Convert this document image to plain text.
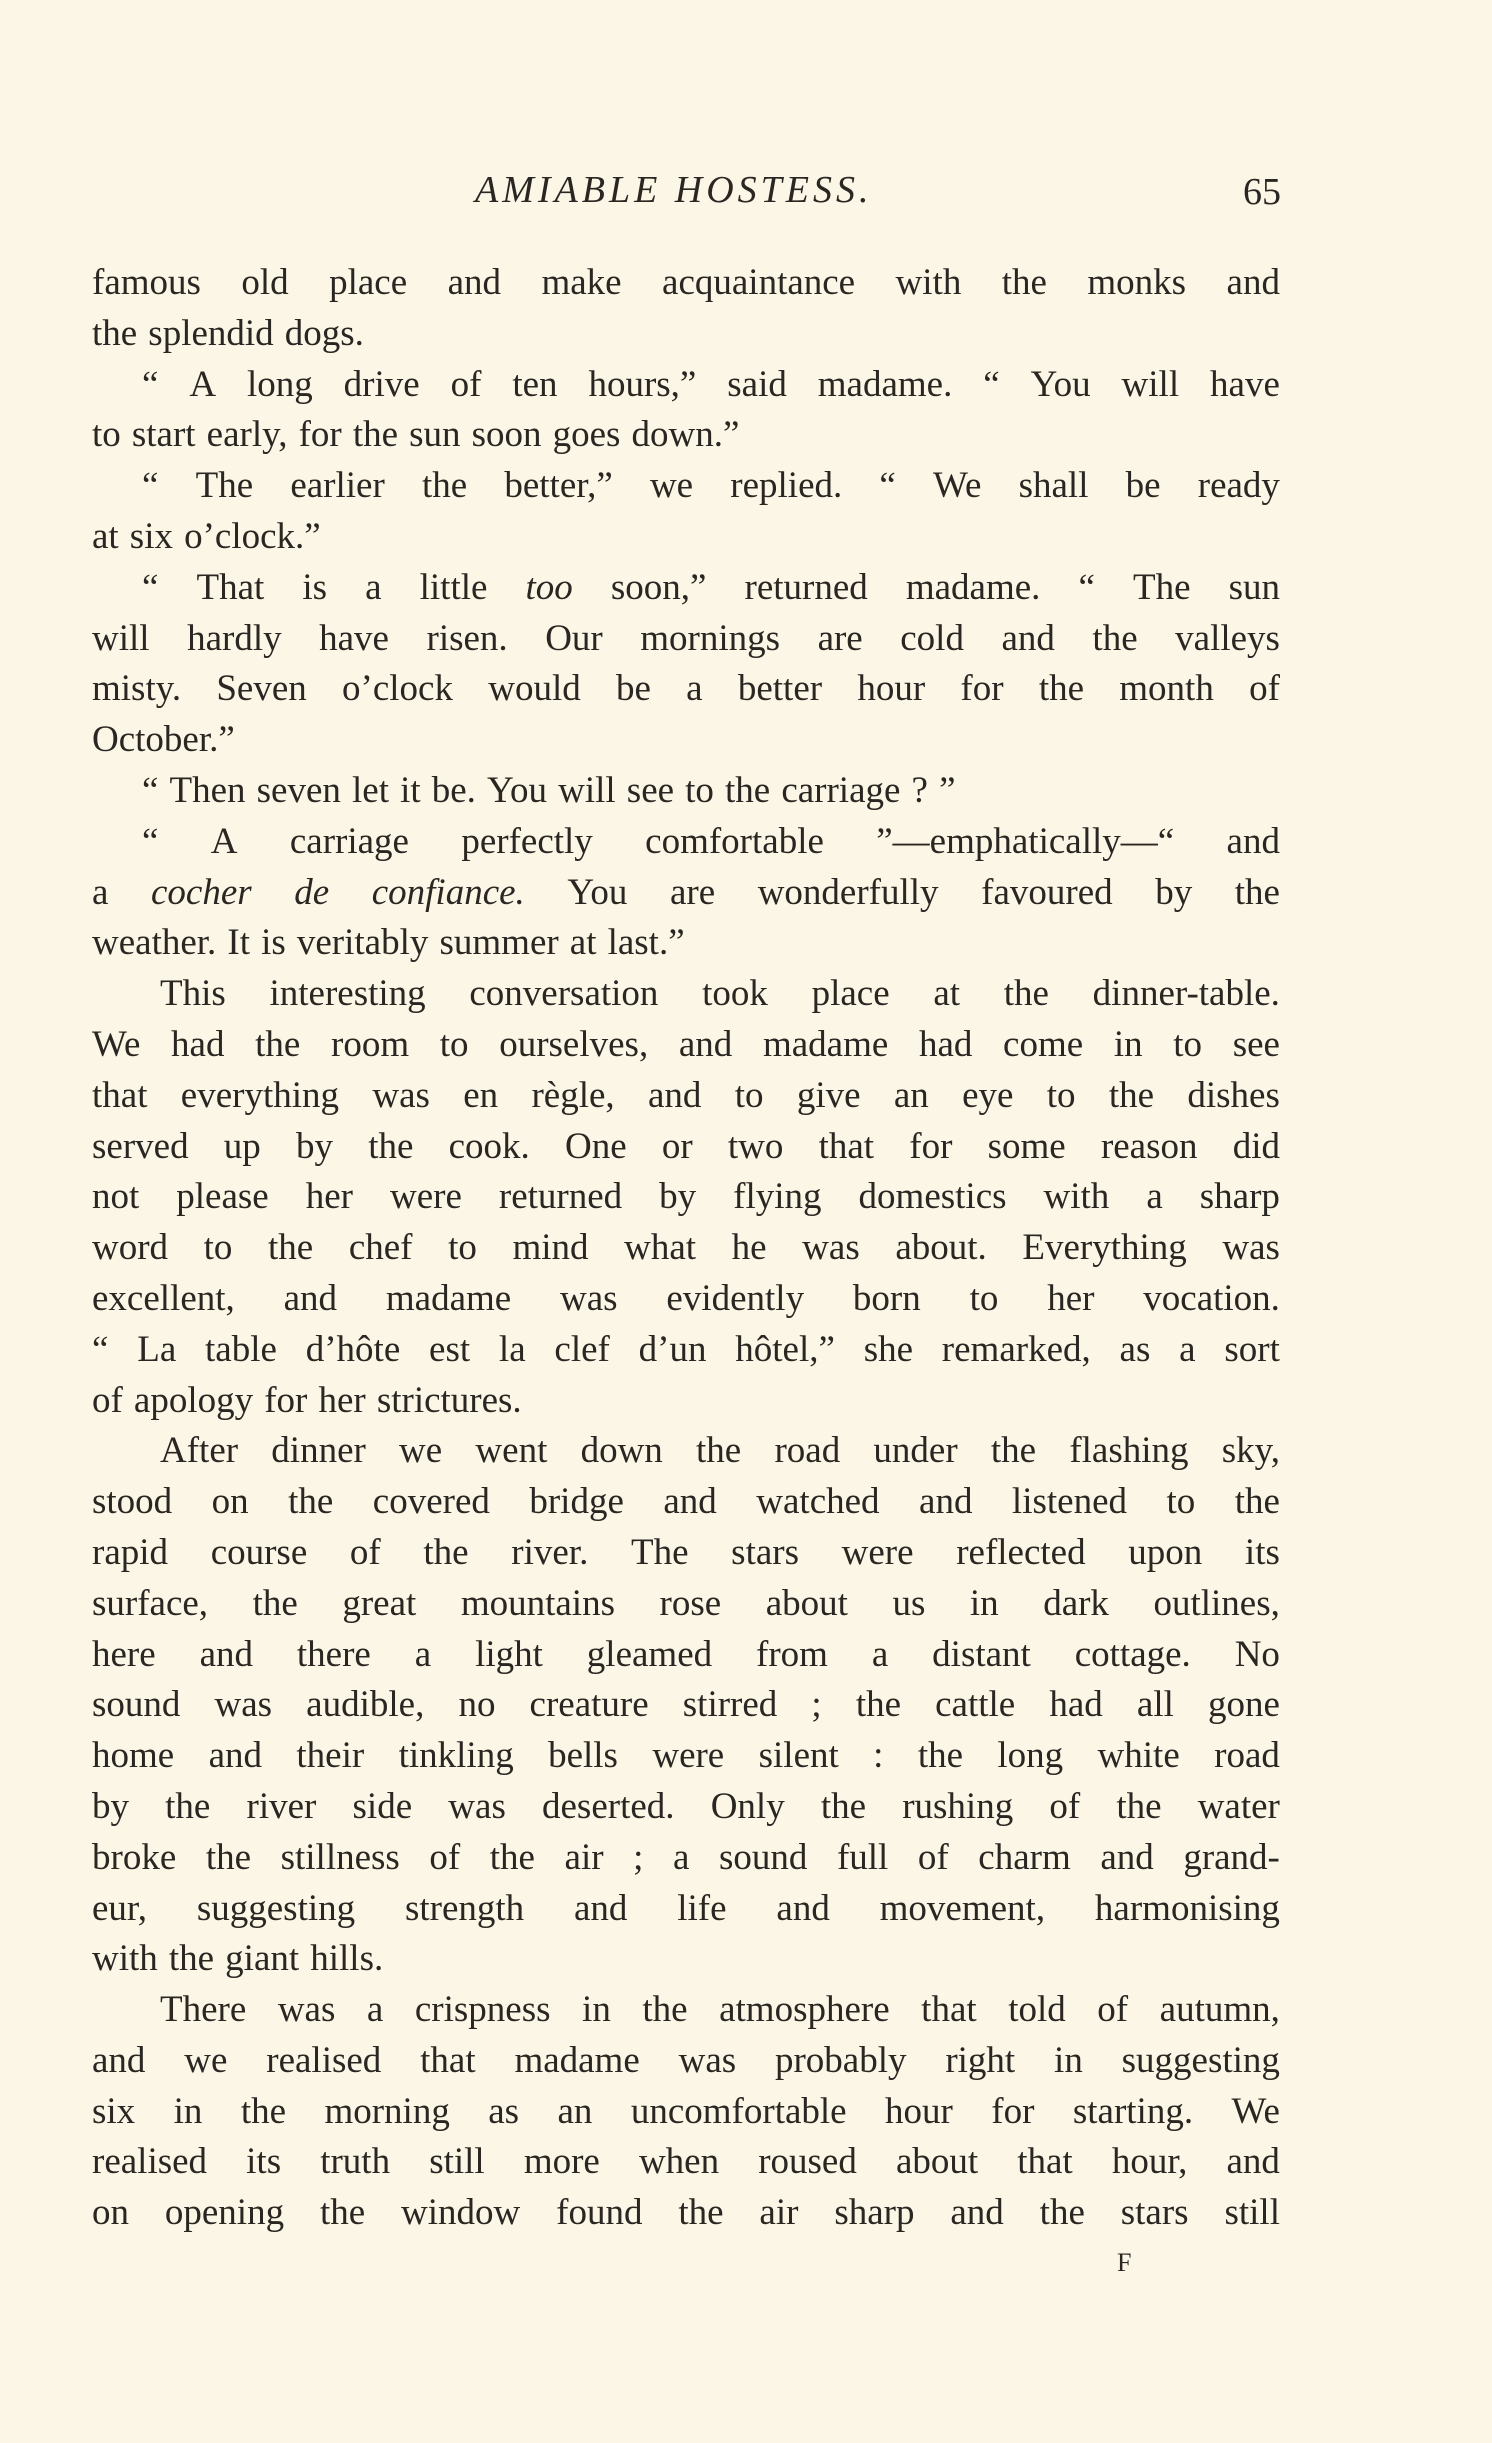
AMIABLE HOSTESS.	65
famous old place and make acquaintance with the monks and
the splendid dogs.
“ A long drive of ten hours,” said madame. “ You will have
to start early, for the sun soon goes down.”
“ The earlier the better,” we replied. “ We shall be ready
at six o’clock.”
“ That is a little too soon,” returned madame. “ The sun
will hardly have risen. Our mornings are cold and the valleys
misty. Seven o’clock would be a better hour for the month of
October.”
“ Then seven let it be. You will see to the carriage ? ”
“ A carriage perfectly comfortable ”—emphatically—“ and
a cocher de confiance. You are wonderfully favoured by the
weather. It is veritably summer at last.”
This interesting conversation took place at the dinner-table.
We had the room to ourselves, and madame had come in to see
that everything was en règle, and to give an eye to the dishes
served up by the cook. One or two that for some reason did
not please her were returned by flying domestics with a sharp
word to the chef to mind what he was about. Everything was
excellent, and madame was evidently born to her vocation.
“ La table d’hôte est la clef d’un hôtel,” she remarked, as a sort
of apology for her strictures.
After dinner we went down the road under the flashing sky,
stood on the covered bridge and watched and listened to the
rapid course of the river. The stars were reflected upon its
surface, the great mountains rose about us in dark outlines,
here and there a light gleamed from a distant cottage. No
sound was audible, no creature stirred ; the cattle had all gone
home and their tinkling bells were silent : the long white road
by the river side was deserted. Only the rushing of the water
broke the stillness of the air ; a sound full of charm and grand-
eur, suggesting strength and life and movement, harmonising
with the giant hills.
There was a crispness in the atmosphere that told of autumn,
and we realised that madame was probably right in suggesting
six in the morning as an uncomfortable hour for starting. We
realised its truth still more when roused about that hour, and
on opening the window found the air sharp and the stars still
F
